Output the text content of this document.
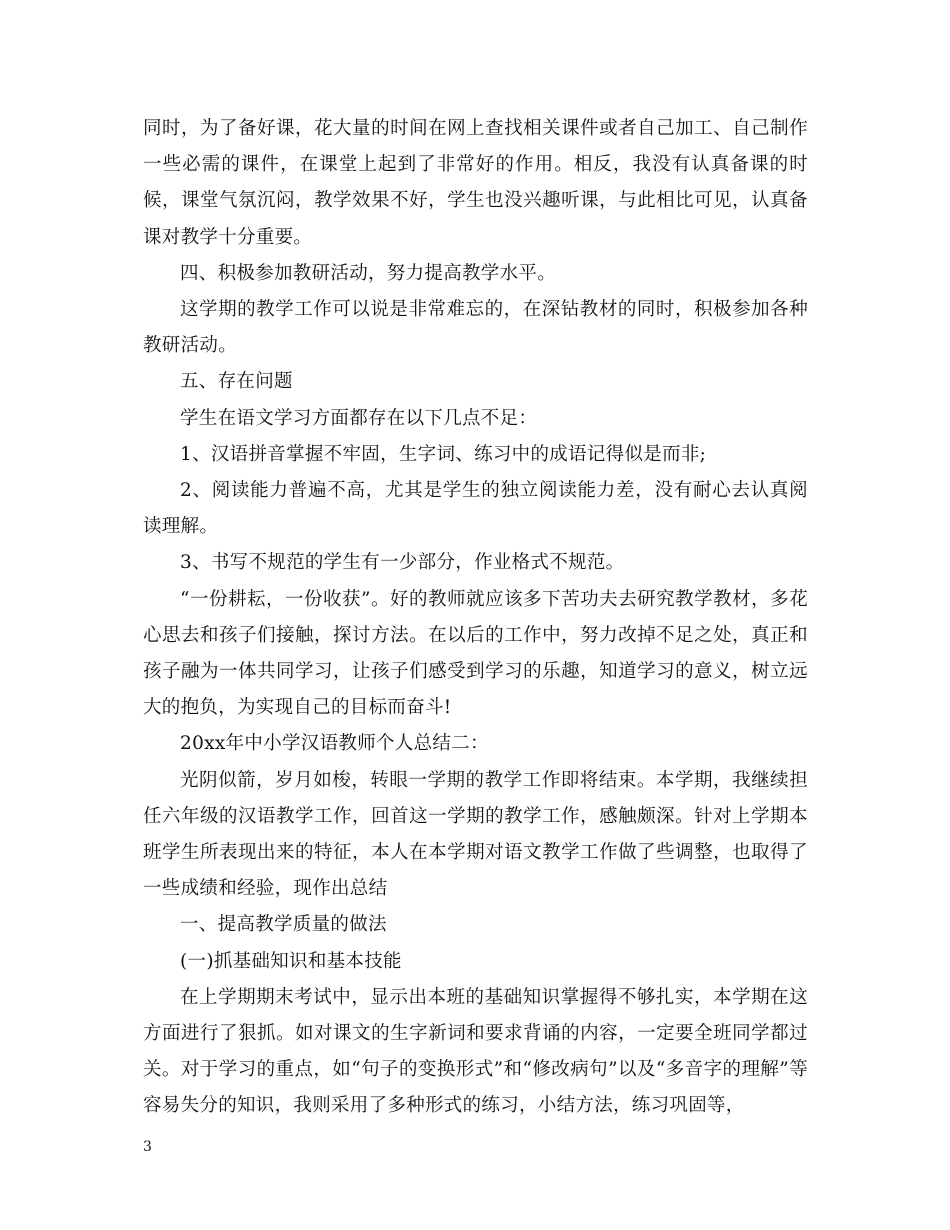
同时，为了备好课，花大量的时间在网上查找相关课件或者自己加工、自己制作一些必需的课件，在课堂上起到了非常好的作用。相反，我没有认真备课的时候，课堂气氛沉闷，教学效果不好，学生也没兴趣听课，与此相比可见，认真备课对教学十分重要。

四、积极参加教研活动，努力提高教学水平。

这学期的教学工作可以说是非常难忘的，在深钻教材的同时，积极参加各种教研活动。

五、存在问题

学生在语文学习方面都存在以下几点不足：

1、汉语拼音掌握不牢固，生字词、练习中的成语记得似是而非;

2、阅读能力普遍不高，尤其是学生的独立阅读能力差，没有耐心去认真阅读理解。

3、书写不规范的学生有一少部分，作业格式不规范。

“一份耕耘，一份收获”。好的教师就应该多下苦功夫去研究教学教材，多花心思去和孩子们接触，探讨方法。在以后的工作中，努力改掉不足之处，真正和孩子融为一体共同学习，让孩子们感受到学习的乐趣，知道学习的意义，树立远大的抱负，为实现自己的目标而奋斗!

20xx年中小学汉语教师个人总结二：

光阴似箭，岁月如梭，转眼一学期的教学工作即将结束。本学期，我继续担任六年级的汉语教学工作，回首这一学期的教学工作，感触颇深。针对上学期本班学生所表现出来的特征，本人在本学期对语文教学工作做了些调整，也取得了一些成绩和经验，现作出总结

一、提高教学质量的做法

(一)抓基础知识和基本技能

在上学期期末考试中，显示出本班的基础知识掌握得不够扎实，本学期在这方面进行了狠抓。如对课文的生字新词和要求背诵的内容，一定要全班同学都过关。对于学习的重点，如“句子的变换形式”和“修改病句”以及“多音字的理解”等容易失分的知识，我则采用了多种形式的练习，小结方法，练习巩固等，

3
